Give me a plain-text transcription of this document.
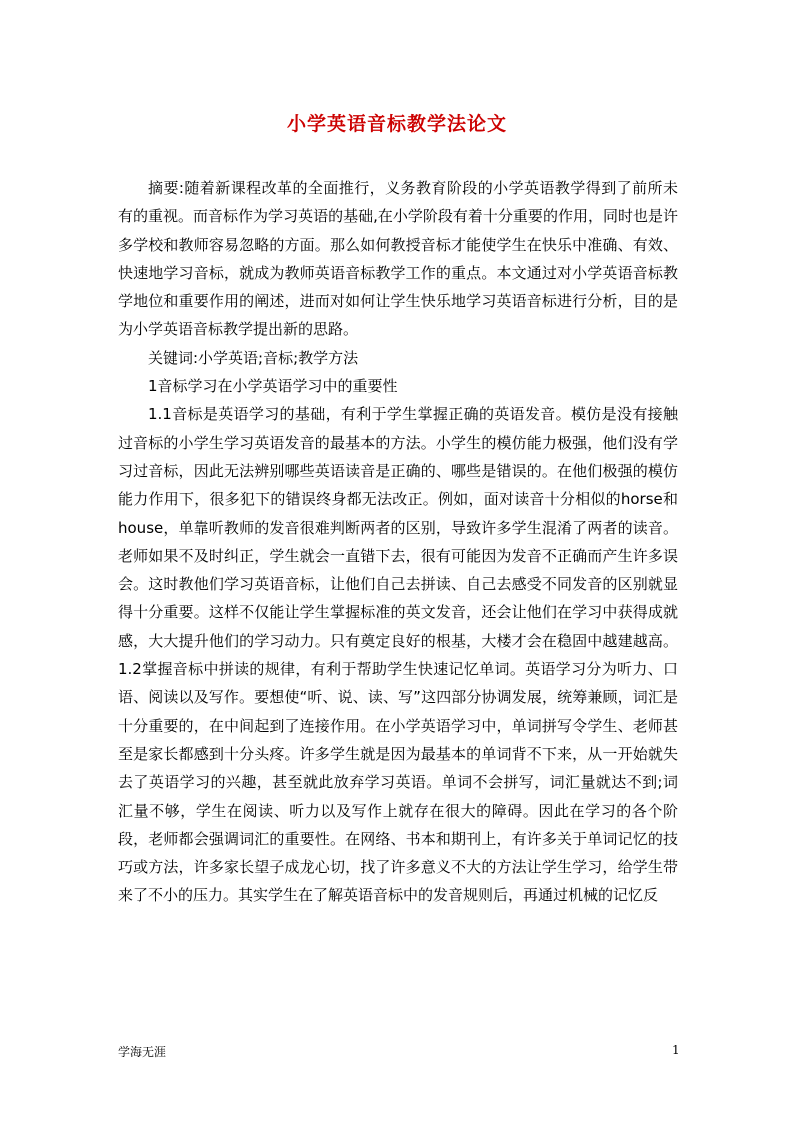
小学英语音标教学法论文

摘要:随着新课程改革的全面推行，义务教育阶段的小学英语教学得到了前所未有的重视。而音标作为学习英语的基础,在小学阶段有着十分重要的作用，同时也是许多学校和教师容易忽略的方面。那么如何教授音标才能使学生在快乐中准确、有效、快速地学习音标，就成为教师英语音标教学工作的重点。本文通过对小学英语音标教学地位和重要作用的阐述，进而对如何让学生快乐地学习英语音标进行分析，目的是为小学英语音标教学提出新的思路。

关键词:小学英语;音标;教学方法

1音标学习在小学英语学习中的重要性

1.1音标是英语学习的基础，有利于学生掌握正确的英语发音。模仿是没有接触过音标的小学生学习英语发音的最基本的方法。小学生的模仿能力极强，他们没有学习过音标，因此无法辨别哪些英语读音是正确的、哪些是错误的。在他们极强的模仿能力作用下，很多犯下的错误终身都无法改正。例如，面对读音十分相似的horse和house，单靠听教师的发音很难判断两者的区别，导致许多学生混淆了两者的读音。老师如果不及时纠正，学生就会一直错下去，很有可能因为发音不正确而产生许多误会。这时教他们学习英语音标，让他们自己去拼读、自己去感受不同发音的区别就显得十分重要。这样不仅能让学生掌握标准的英文发音，还会让他们在学习中获得成就感，大大提升他们的学习动力。只有奠定良好的根基，大楼才会在稳固中越建越高。1.2掌握音标中拼读的规律，有利于帮助学生快速记忆单词。英语学习分为听力、口语、阅读以及写作。要想使“听、说、读、写”这四部分协调发展，统筹兼顾，词汇是十分重要的，在中间起到了连接作用。在小学英语学习中，单词拼写令学生、老师甚至是家长都感到十分头疼。许多学生就是因为最基本的单词背不下来，从一开始就失去了英语学习的兴趣，甚至就此放弃学习英语。单词不会拼写，词汇量就达不到;词汇量不够，学生在阅读、听力以及写作上就存在很大的障碍。因此在学习的各个阶段，老师都会强调词汇的重要性。在网络、书本和期刊上，有许多关于单词记忆的技巧或方法，许多家长望子成龙心切，找了许多意义不大的方法让学生学习，给学生带来了不小的压力。其实学生在了解英语音标中的发音规则后，再通过机械的记忆反

学海无涯	1
